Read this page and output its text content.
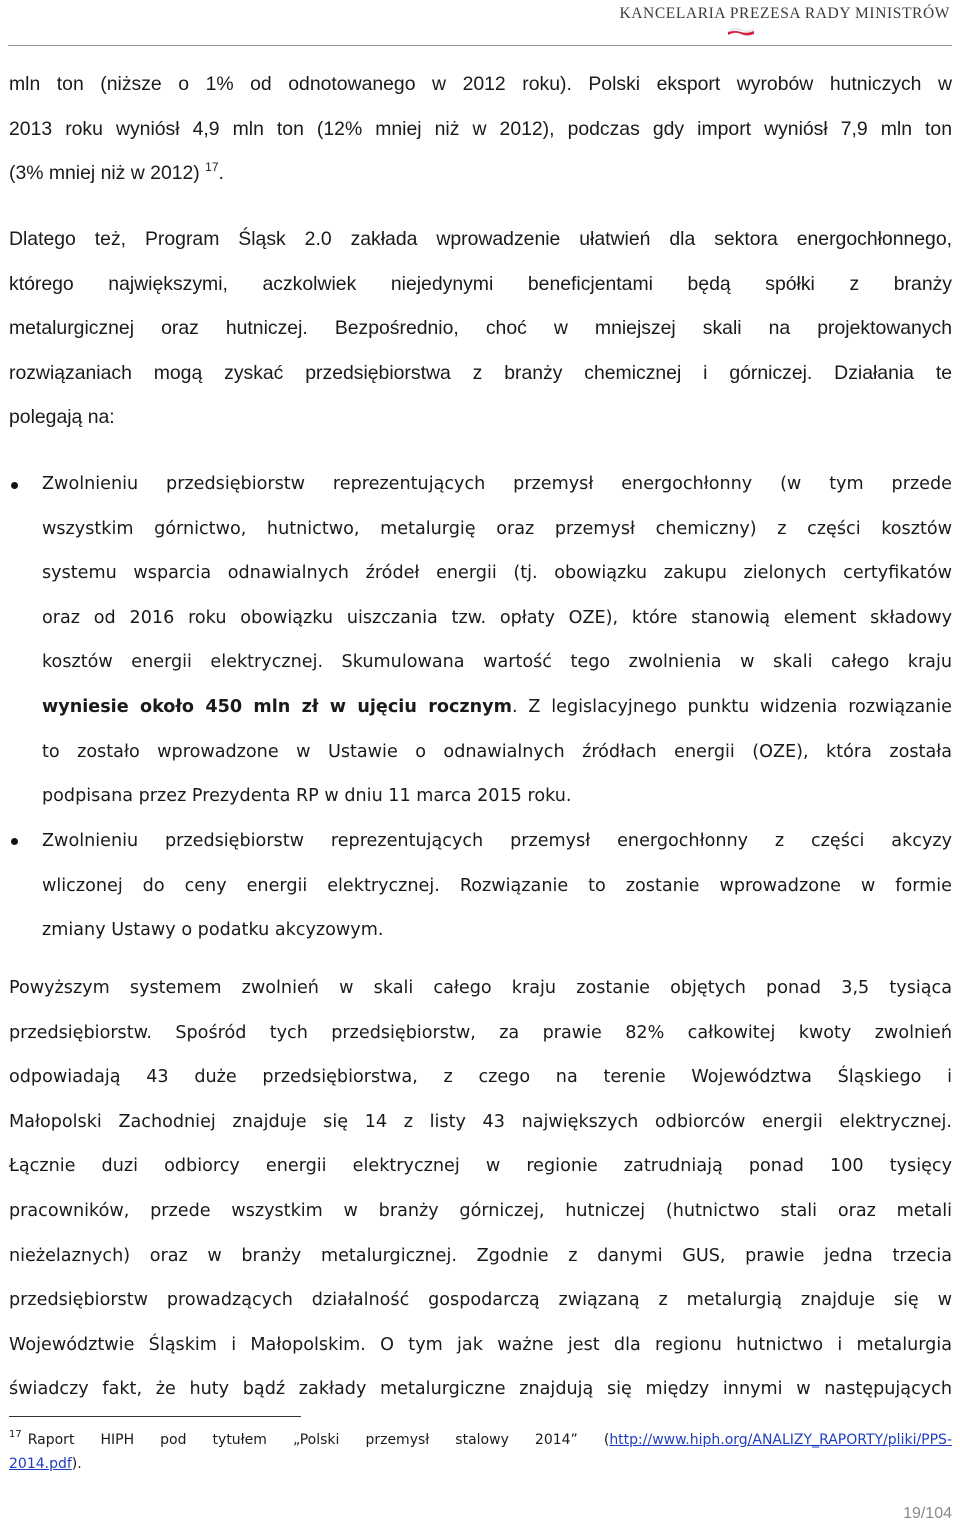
KANCELARIA PREZESA RADY MINISTRÓW
mln ton (niższe o 1% od odnotowanego w 2012 roku). Polski eksport wyrobów hutniczych w
2013 roku wyniósł 4,9 mln ton (12% mniej niż w 2012), podczas gdy import wyniósł 7,9 mln ton
(3% mniej niż w 2012) $^{17}$.
Dlatego też, Program Śląsk 2.0 zakłada wprowadzenie ułatwień dla sektora energochłonnego,
którego największymi, aczkolwiek niejedynymi beneficjentami będą spółki z branży
metalurgicznej oraz hutniczej. Bezpośrednio, choć w mniejszej skali na projektowanych
rozwiązaniach mogą zyskać przedsiębiorstwa z branży chemicznej i górniczej. Działania te
polegają na:
Zwolnieniu przedsiębiorstw reprezentujących przemysł energochłonny (w tym przede
wszystkim górnictwo, hutnictwo, metalurgię oraz przemysł chemiczny) z części kosztów
systemu wsparcia odnawialnych źródeł energii (tj. obowiązku zakupu zielonych certyfikatów
oraz od 2016 roku obowiązku uiszczania tzw. opłaty OZE), które stanowią element składowy
kosztów energii elektrycznej. Skumulowana wartość tego zwolnienia w skali całego kraju
wyniesie około 450 mln zł w ujęciu rocznym. Z legislacyjnego punktu widzenia rozwiązanie
to zostało wprowadzone w Ustawie o odnawialnych źródłach energii (OZE), która została
podpisana przez Prezydenta RP w dniu 11 marca 2015 roku.
Zwolnieniu przedsiębiorstw reprezentujących przemysł energochłonny z części akcyzy
wliczonej do ceny energii elektrycznej. Rozwiązanie to zostanie wprowadzone w formie
zmiany Ustawy o podatku akcyzowym.
Powyższym systemem zwolnień w skali całego kraju zostanie objętych ponad 3,5 tysiąca
przedsiębiorstw. Spośród tych przedsiębiorstw, za prawie 82% całkowitej kwoty zwolnień
odpowiadają 43 duże przedsiębiorstwa, z czego na terenie Województwa Śląskiego i
Małopolski Zachodniej znajduje się 14 z listy 43 największych odbiorców energii elektrycznej.
Łącznie duzi odbiorcy energii elektrycznej w regionie zatrudniają ponad 100 tysięcy
pracowników, przede wszystkim w branży górniczej, hutniczej (hutnictwo stali oraz metali
nieżelaznych) oraz w branży metalurgicznej. Zgodnie z danymi GUS, prawie jedna trzecia
przedsiębiorstw prowadzących działalność gospodarczą związaną z metalurgią znajduje się w
Województwie Śląskim i Małopolskim. O tym jak ważne jest dla regionu hutnictwo i metalurgia
świadczy fakt, że huty bądź zakłady metalurgiczne znajdują się między innymi w następujących
$^{17}$ Raport HIPH pod tytułem „Polski przemysł stalowy 2014” (http://www.hiph.org/ANALIZY_RAPORTY/pliki/PPS-
2014.pdf).
19/104
